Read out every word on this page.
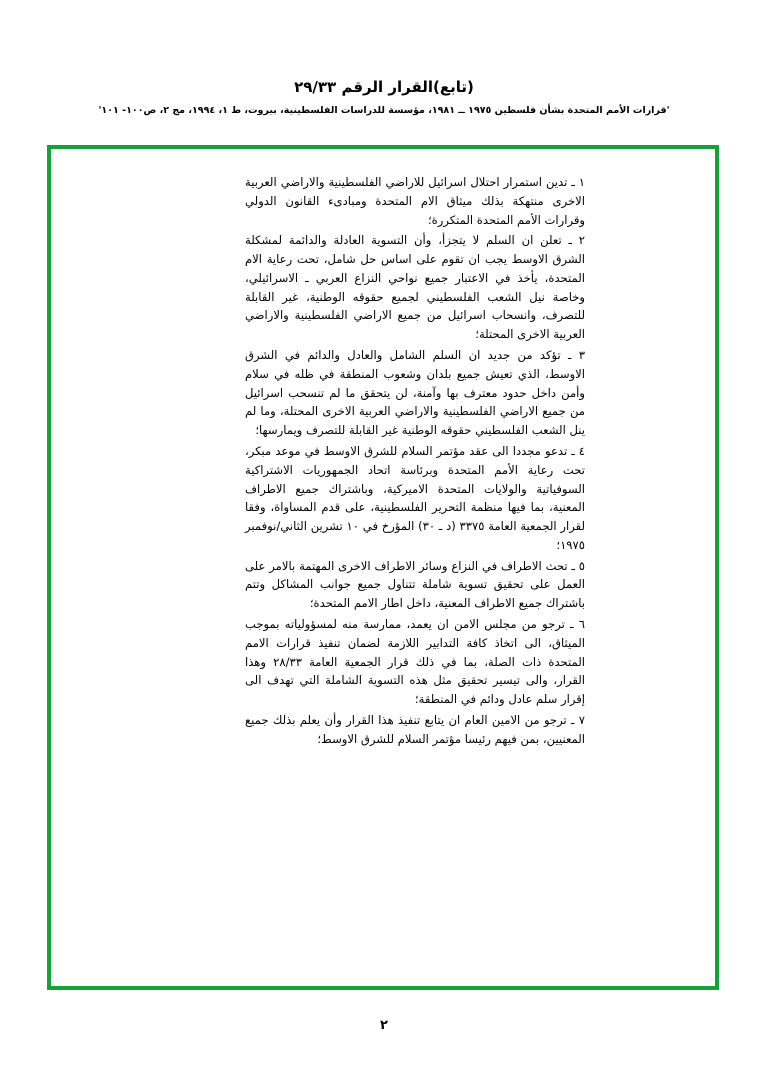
(تابع)القرار الرقم ٢٩/٣٣
'قرارات الأمم المتحدة بشأن فلسطين ١٩٧٥ ــ ١٩٨١، مؤسسة للدراسات الفلسطينية، بيروت، ط ١، ١٩٩٤، مج ٢، ص١٠٠- ١٠١'

١ ـ تدين استمرار احتلال اسرائيل للاراضي الفلسطينية والاراضي العربية الاخرى منتهكة بذلك ميثاق الام المتحدة ومبادىء القانون الدولي وقرارات الأمم المتحدة المتكررة؛

٢ ـ تعلن ان السلم لا يتجزأ، وأن التسوية العادلة والدائمة لمشكلة الشرق الاوسط يجب ان تقوم على اساس حل شامل، تحت رعاية الام المتحدة، يأخذ في الاعتبار جميع نواحي النزاع العربي ـ الاسرائيلي، وخاصة نيل الشعب الفلسطيني لجميع حقوقه الوطنية، غير القابلة للتصرف، وانسحاب اسرائيل من جميع الاراضي الفلسطينية والاراضي العربية الاخرى المحتلة؛

٣ ـ تؤكد من جديد ان السلم الشامل والعادل والدائم في الشرق الاوسط، الذي تعيش جميع بلدان وشعوب المنطقة في ظله في سلام وأمن داخل حدود معترف بها وآمنة، لن يتحقق ما لم تنسحب اسرائيل من جميع الاراضي الفلسطينية والاراضي العربية الاخرى المحتلة، وما لم ينل الشعب الفلسطيني حقوقه الوطنية غير القابلة للتصرف ويمارسها؛

٤ ـ تدعو مجددا الى عقد مؤتمر السلام للشرق الاوسط في موعد مبكر، تحت رعاية الأمم المتحدة وبرئاسة اتحاد الجمهوريات الاشتراكية السوفياتية والولايات المتحدة الاميركية، وباشتراك جميع الاطراف المعنية، بما فيها منظمة التحرير الفلسطينية، على قدم المساواة، وفقا لقرار الجمعية العامة ٣٣٧٥ (د ـ ٣٠) المؤرخ في ١٠ تشرين الثاني/نوفمبر ١٩٧٥؛

٥ ـ تحث الاطراف في النزاع وسائر الاطراف الاخرى المهتمة بالامر على العمل على تحقيق تسوية شاملة تتناول جميع جوانب المشاكل وتتم باشتراك جميع الاطراف المعنية، داخل اطار الامم المتحدة؛

٦ ـ ترجو من مجلس الامن ان يعمد، ممارسة منه لمسؤولياته بموجب الميثاق، الى اتخاذ كافة التدابير اللازمة لضمان تنفيذ قرارات الامم المتحدة ذات الصلة، بما في ذلك قرار الجمعية العامة ٢٨/٣٣ وهذا القرار، والى تيسير تحقيق مثل هذه التسوية الشاملة التي تهدف الى إقرار سلم عادل ودائم في المنطقة؛

٧ ـ ترجو من الامين العام ان يتابع تنفيذ هذا القرار وأن يعلم بذلك جميع المعنيين، بمن فيهم رئيسا مؤتمر السلام للشرق الاوسط؛

٢
